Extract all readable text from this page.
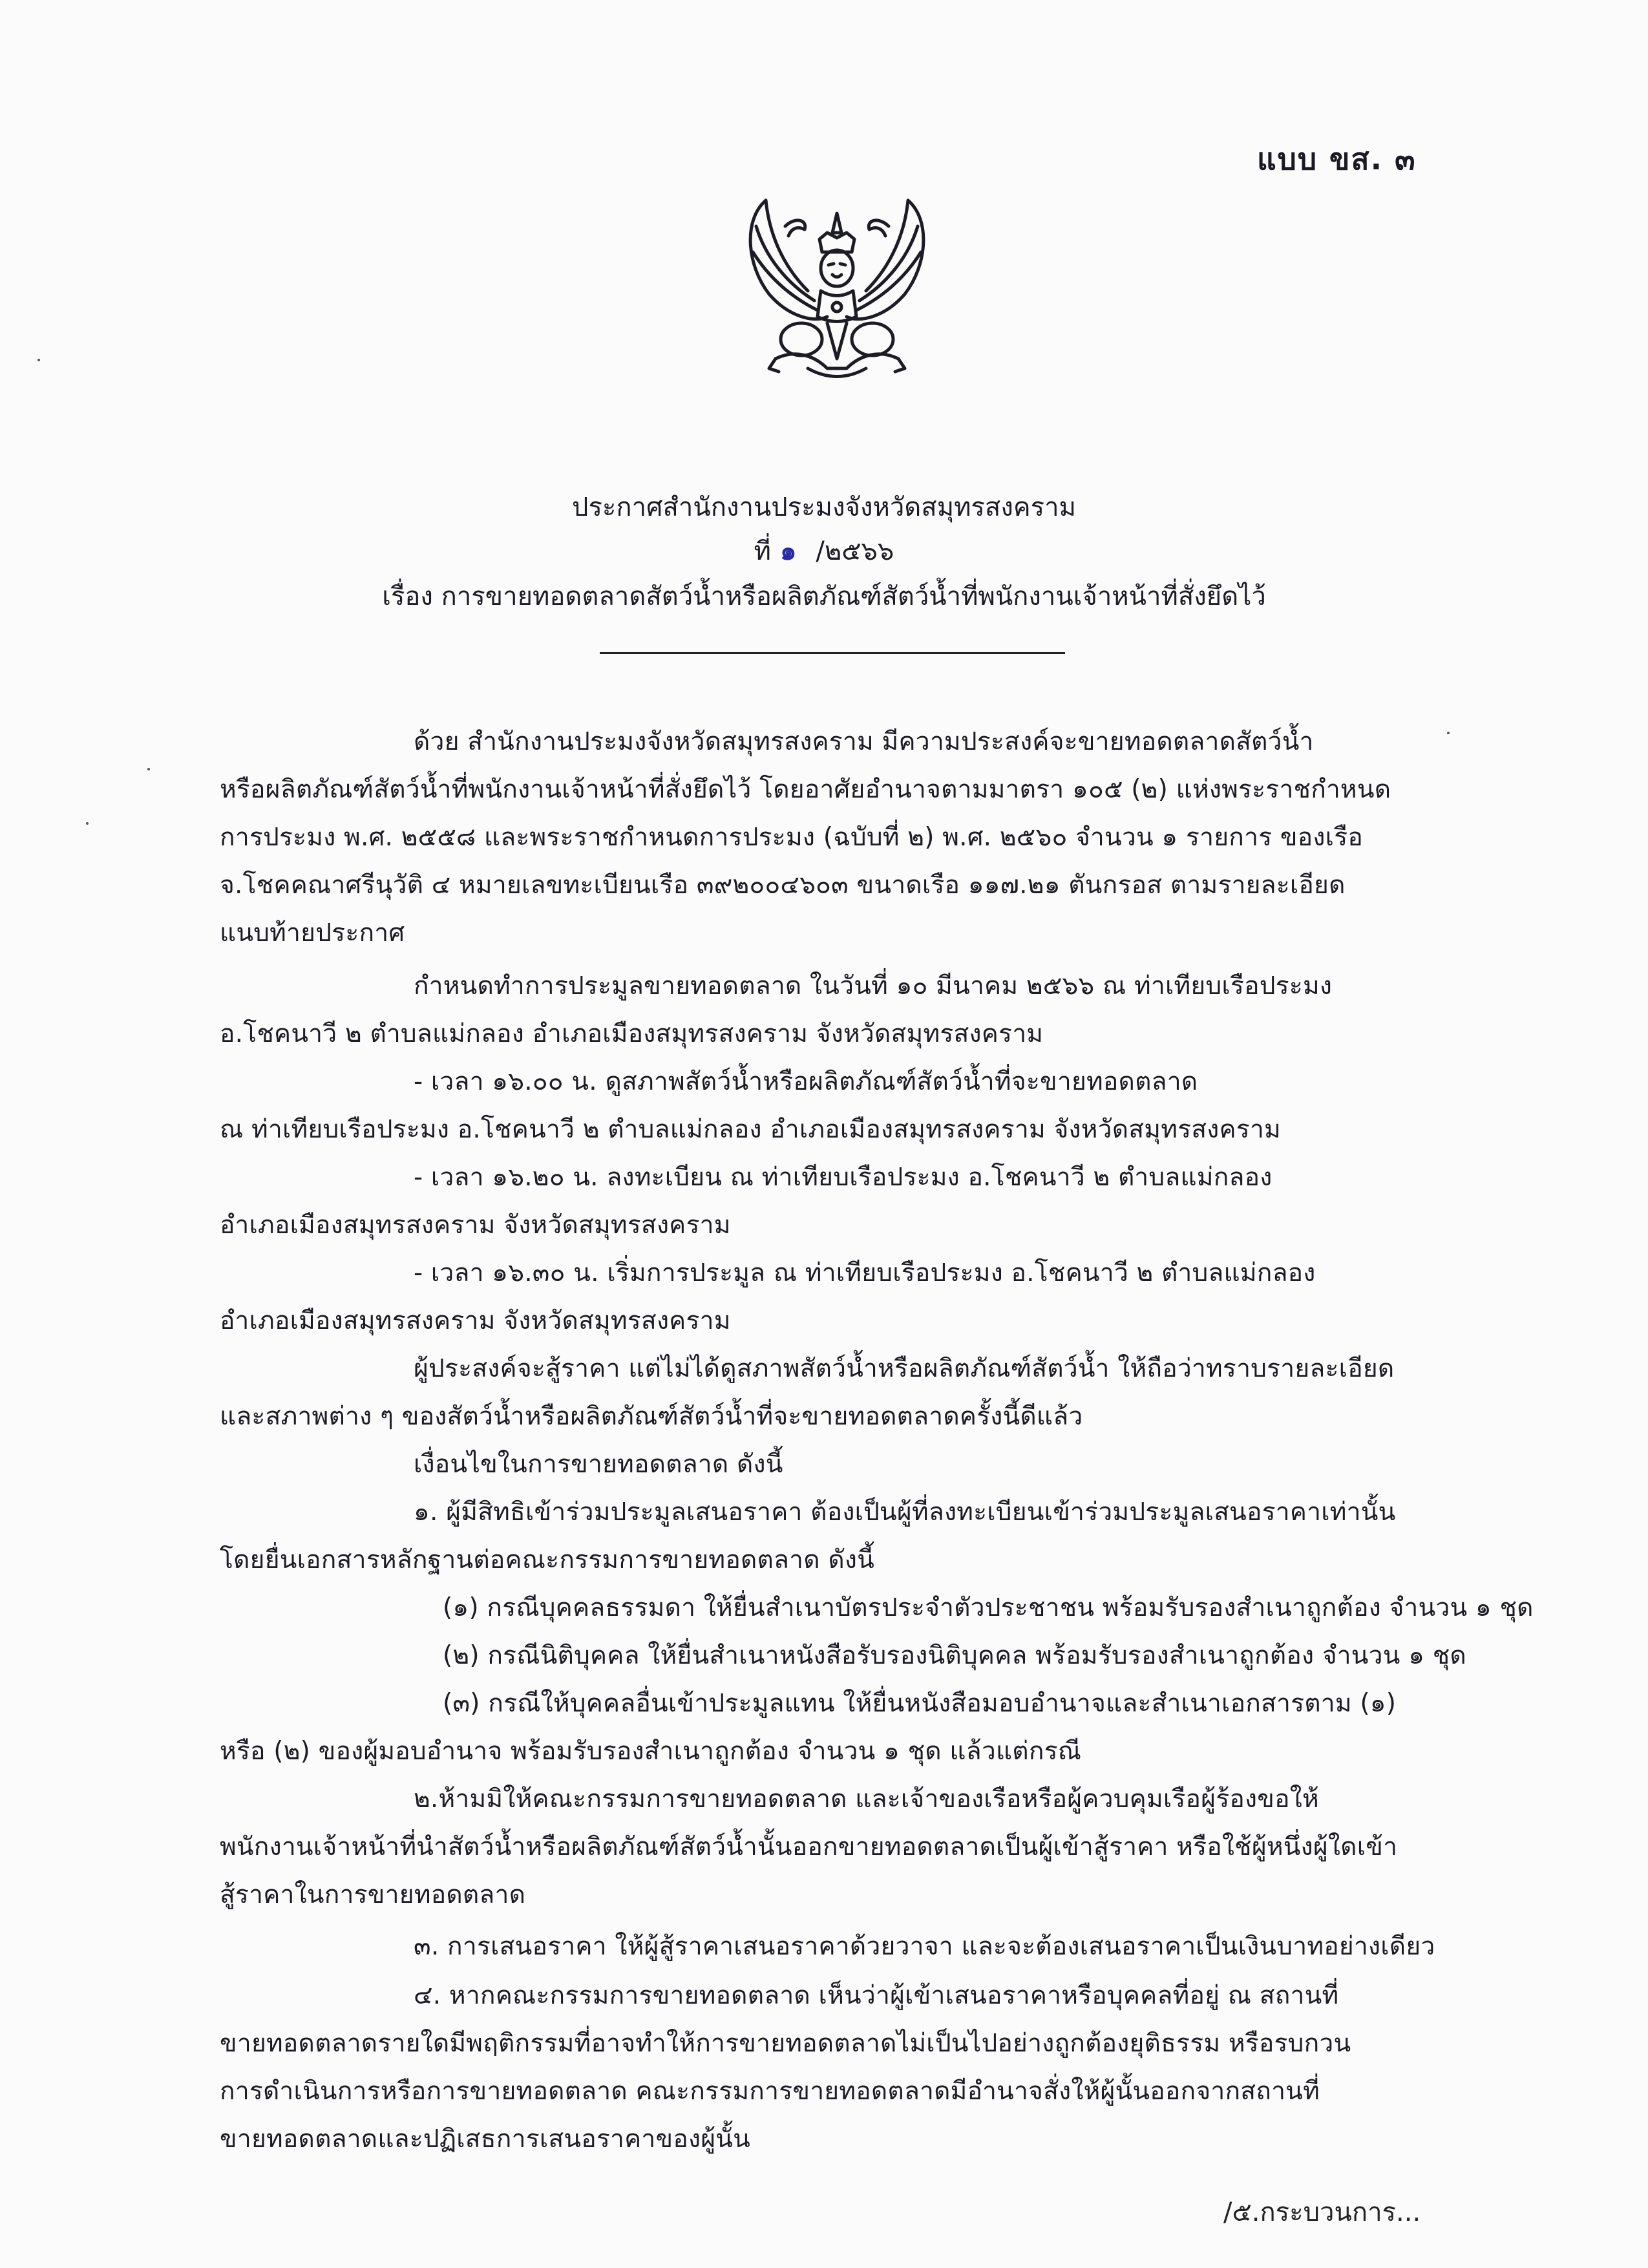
แบบ ขส. ๓
ประกาศสำนักงานประมงจังหวัดสมุทรสงคราม
ที่ ๑ /๒๕๖๖
เรื่อง การขายทอดตลาดสัตว์น้ำหรือผลิตภัณฑ์สัตว์น้ำที่พนักงานเจ้าหน้าที่สั่งยึดไว้
ด้วย สำนักงานประมงจังหวัดสมุทรสงคราม มีความประสงค์จะขายทอดตลาดสัตว์น้ำ
หรือผลิตภัณฑ์สัตว์น้ำที่พนักงานเจ้าหน้าที่สั่งยึดไว้ โดยอาศัยอำนาจตามมาตรา ๑๐๕ (๒) แห่งพระราชกำหนด
การประมง พ.ศ. ๒๕๕๘ และพระราชกำหนดการประมง (ฉบับที่ ๒) พ.ศ. ๒๕๖๐ จำนวน ๑ รายการ ของเรือ
จ.โชคคณาศรีนุวัติ ๔ หมายเลขทะเบียนเรือ ๓๙๒๐๐๔๖๐๓ ขนาดเรือ ๑๑๗.๒๑ ตันกรอส ตามรายละเอียด
แนบท้ายประกาศ
กำหนดทำการประมูลขายทอดตลาด ในวันที่ ๑๐ มีนาคม ๒๕๖๖ ณ ท่าเทียบเรือประมง
อ.โชคนาวี ๒ ตำบลแม่กลอง อำเภอเมืองสมุทรสงคราม จังหวัดสมุทรสงคราม
- เวลา ๑๖.๐๐ น. ดูสภาพสัตว์น้ำหรือผลิตภัณฑ์สัตว์น้ำที่จะขายทอดตลาด
ณ ท่าเทียบเรือประมง อ.โชคนาวี ๒ ตำบลแม่กลอง อำเภอเมืองสมุทรสงคราม จังหวัดสมุทรสงคราม
- เวลา ๑๖.๒๐ น. ลงทะเบียน ณ ท่าเทียบเรือประมง อ.โชคนาวี ๒ ตำบลแม่กลอง
อำเภอเมืองสมุทรสงคราม จังหวัดสมุทรสงคราม
- เวลา ๑๖.๓๐ น. เริ่มการประมูล ณ ท่าเทียบเรือประมง อ.โชคนาวี ๒ ตำบลแม่กลอง
อำเภอเมืองสมุทรสงคราม จังหวัดสมุทรสงคราม
ผู้ประสงค์จะสู้ราคา แต่ไม่ได้ดูสภาพสัตว์น้ำหรือผลิตภัณฑ์สัตว์น้ำ ให้ถือว่าทราบรายละเอียด
และสภาพต่าง ๆ ของสัตว์น้ำหรือผลิตภัณฑ์สัตว์น้ำที่จะขายทอดตลาดครั้งนี้ดีแล้ว
เงื่อนไขในการขายทอดตลาด ดังนี้
๑. ผู้มีสิทธิเข้าร่วมประมูลเสนอราคา ต้องเป็นผู้ที่ลงทะเบียนเข้าร่วมประมูลเสนอราคาเท่านั้น
โดยยื่นเอกสารหลักฐานต่อคณะกรรมการขายทอดตลาด ดังนี้
(๑) กรณีบุคคลธรรมดา ให้ยื่นสำเนาบัตรประจำตัวประชาชน พร้อมรับรองสำเนาถูกต้อง จำนวน ๑ ชุด
(๒) กรณีนิติบุคคล ให้ยื่นสำเนาหนังสือรับรองนิติบุคคล พร้อมรับรองสำเนาถูกต้อง จำนวน ๑ ชุด
(๓) กรณีให้บุคคลอื่นเข้าประมูลแทน ให้ยื่นหนังสือมอบอำนาจและสำเนาเอกสารตาม (๑)
หรือ (๒) ของผู้มอบอำนาจ พร้อมรับรองสำเนาถูกต้อง จำนวน ๑ ชุด แล้วแต่กรณี
๒.ห้ามมิให้คณะกรรมการขายทอดตลาด และเจ้าของเรือหรือผู้ควบคุมเรือผู้ร้องขอให้
พนักงานเจ้าหน้าที่นำสัตว์น้ำหรือผลิตภัณฑ์สัตว์น้ำนั้นออกขายทอดตลาดเป็นผู้เข้าสู้ราคา หรือใช้ผู้หนึ่งผู้ใดเข้า
สู้ราคาในการขายทอดตลาด
๓. การเสนอราคา ให้ผู้สู้ราคาเสนอราคาด้วยวาจา และจะต้องเสนอราคาเป็นเงินบาทอย่างเดียว
๔. หากคณะกรรมการขายทอดตลาด เห็นว่าผู้เข้าเสนอราคาหรือบุคคลที่อยู่ ณ สถานที่
ขายทอดตลาดรายใดมีพฤติกรรมที่อาจทำให้การขายทอดตลาดไม่เป็นไปอย่างถูกต้องยุติธรรม หรือรบกวน
การดำเนินการหรือการขายทอดตลาด คณะกรรมการขายทอดตลาดมีอำนาจสั่งให้ผู้นั้นออกจากสถานที่
ขายทอดตลาดและปฏิเสธการเสนอราคาของผู้นั้น
/๕.กระบวนการ...
